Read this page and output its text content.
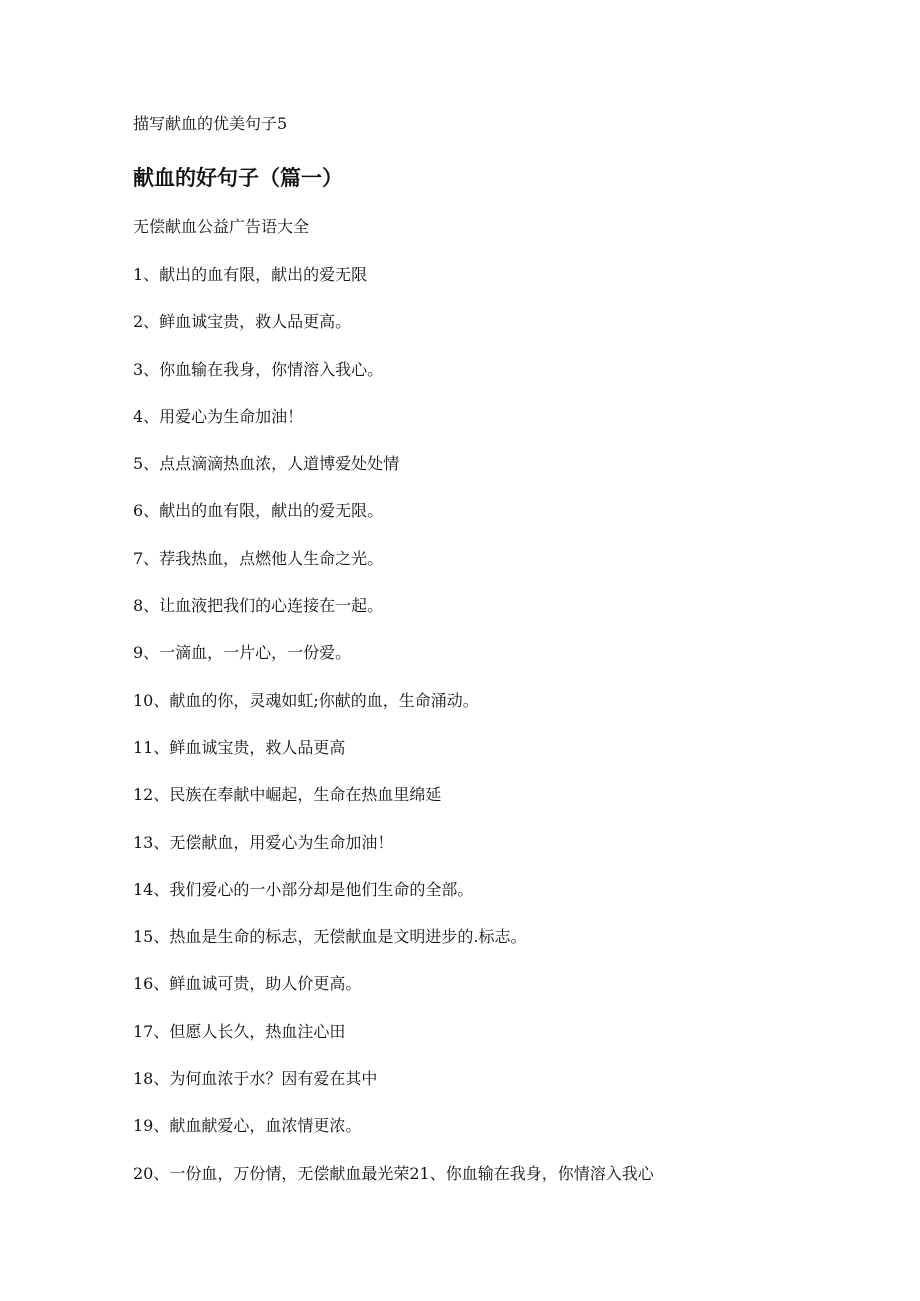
描写献血的优美句子5
献血的好句子（篇一）
无偿献血公益广告语大全
1、献出的血有限，献出的爱无限
2、鲜血诚宝贵，救人品更高。
3、你血输在我身，你情溶入我心。
4、用爱心为生命加油！
5、点点滴滴热血浓，人道博爱处处情
6、献出的血有限，献出的爱无限。
7、荐我热血，点燃他人生命之光。
8、让血液把我们的心连接在一起。
9、一滴血，一片心，一份爱。
10、献血的你，灵魂如虹;你献的血，生命涌动。
11、鲜血诚宝贵，救人品更高
12、民族在奉献中崛起，生命在热血里绵延
13、无偿献血，用爱心为生命加油！
14、我们爱心的一小部分却是他们生命的全部。
15、热血是生命的标志，无偿献血是文明进步的.标志。
16、鲜血诚可贵，助人价更高。
17、但愿人长久，热血注心田
18、为何血浓于水？因有爱在其中
19、献血献爱心，血浓情更浓。
20、一份血，万份情，无偿献血最光荣21、你血输在我身，你情溶入我心
